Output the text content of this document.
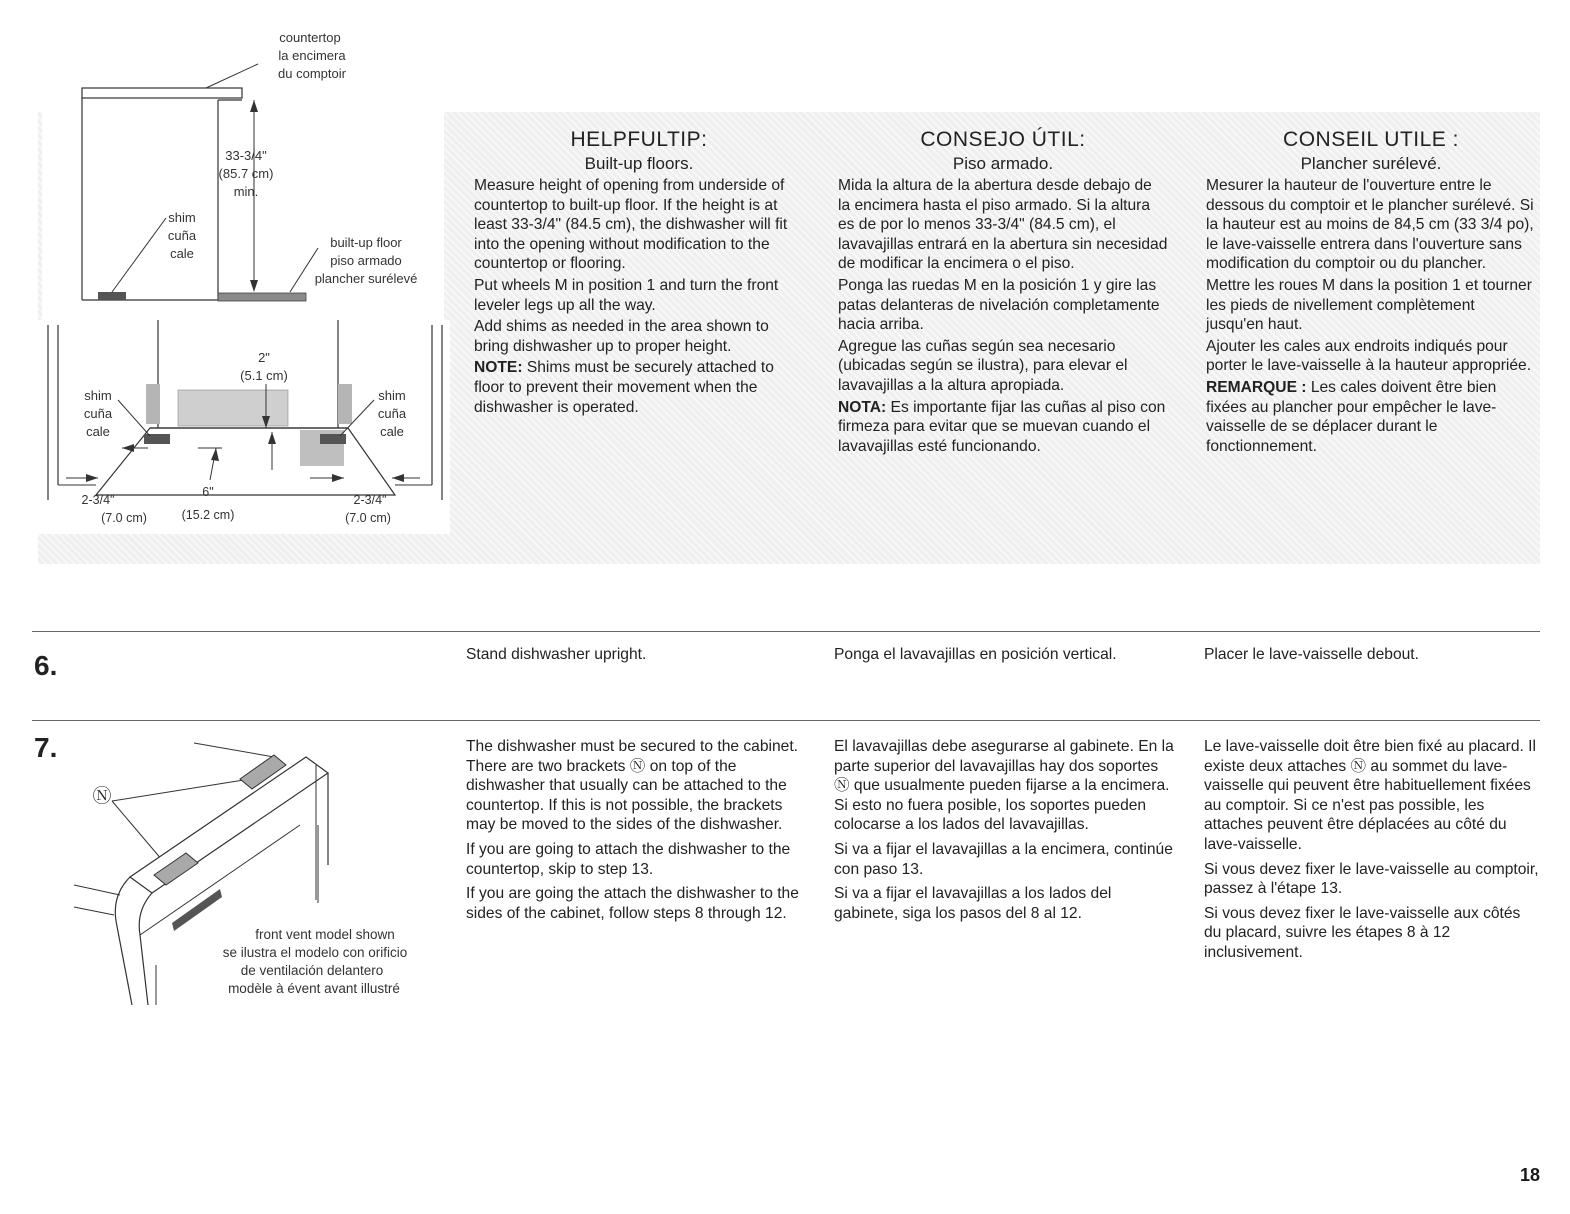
countertop
la encimera
du comptoir
33-3/4"
(85.7 cm)
min.
shim
cuña
cale
built-up floor
piso armado
plancher surélevé
2"
(5.1 cm)
shim
cuña
cale
shim
cuña
cale
2-3/4"
(7.0 cm)
6"
(15.2 cm)
2-3/4"
(7.0 cm)
HELPFULTIP:
Built-up floors.

Measure height of opening from underside of countertop to built-up floor. If the height is at least 33-3/4" (84.5 cm), the dishwasher will fit into the opening without modification to the countertop or flooring.

Put wheels M in position 1 and turn the front leveler legs up all the way.

Add shims as needed in the area shown to bring dishwasher up to proper height.

NOTE: Shims must be securely attached to floor to prevent their movement when the dishwasher is operated.

CONSEJO ÚTIL:
Piso armado.

Mida la altura de la abertura desde debajo de la encimera hasta el piso armado. Si la altura es de por lo menos 33-3/4" (84.5 cm), el lavavajillas entrará en la abertura sin necesidad de modificar la encimera o el piso.

Ponga las ruedas M en la posición 1 y gire las patas delanteras de nivelación completamente hacia arriba.

Agregue las cuñas según sea necesario (ubicadas según se ilustra), para elevar el lavavajillas a la altura apropiada.

NOTA: Es importante fijar las cuñas al piso con firmeza para evitar que se muevan cuando el lavavajillas esté funcionando.

CONSEIL UTILE :
Plancher surélevé.

Mesurer la hauteur de l'ouverture entre le dessous du comptoir et le plancher surélevé. Si la hauteur est au moins de 84,5 cm (33 3/4 po), le lave-vaisselle entrera dans l'ouverture sans modification du comptoir ou du plancher.

Mettre les roues M dans la position 1 et tourner les pieds de nivellement complètement jusqu'en haut.

Ajouter les cales aux endroits indiqués pour porter le lave-vaisselle à la hauteur appropriée.

REMARQUE : Les cales doivent être bien fixées au plancher pour empêcher le lave-vaisselle de se déplacer durant le fonctionnement.

6.	Stand dishwasher upright.	Ponga el lavavajillas en posición vertical.	Placer le lave-vaisselle debout.
7.
Ⓝ
front vent model shown
se ilustra el modelo con orificio
de ventilación delantero
modèle à évent avant illustré

The dishwasher must be secured to the cabinet. There are two brackets Ⓝ on top of the dishwasher that usually can be attached to the countertop. If this is not possible, the brackets may be moved to the sides of the dishwasher.

If you are going to attach the dishwasher to the countertop, skip to step 13.

If you are going the attach the dishwasher to the sides of the cabinet, follow steps 8 through 12.

El lavavajillas debe asegurarse al gabinete. En la parte superior del lavavajillas hay dos soportes Ⓝ que usualmente pueden fijarse a la encimera. Si esto no fuera posible, los soportes pueden colocarse a los lados del lavavajillas.

Si va a fijar el lavavajillas a la encimera, continúe con paso 13.

Si va a fijar el lavavajillas a los lados del gabinete, siga los pasos del 8 al 12.

Le lave-vaisselle doit être bien fixé au placard. Il existe deux attaches Ⓝ au sommet du lave-vaisselle qui peuvent être habituellement fixées au comptoir. Si ce n'est pas possible, les attaches peuvent être déplacées au côté du lave-vaisselle.

Si vous devez fixer le lave-vaisselle au comptoir, passez à l'étape 13.

Si vous devez fixer le lave-vaisselle aux côtés du placard, suivre les étapes 8 à 12 inclusivement.

18
